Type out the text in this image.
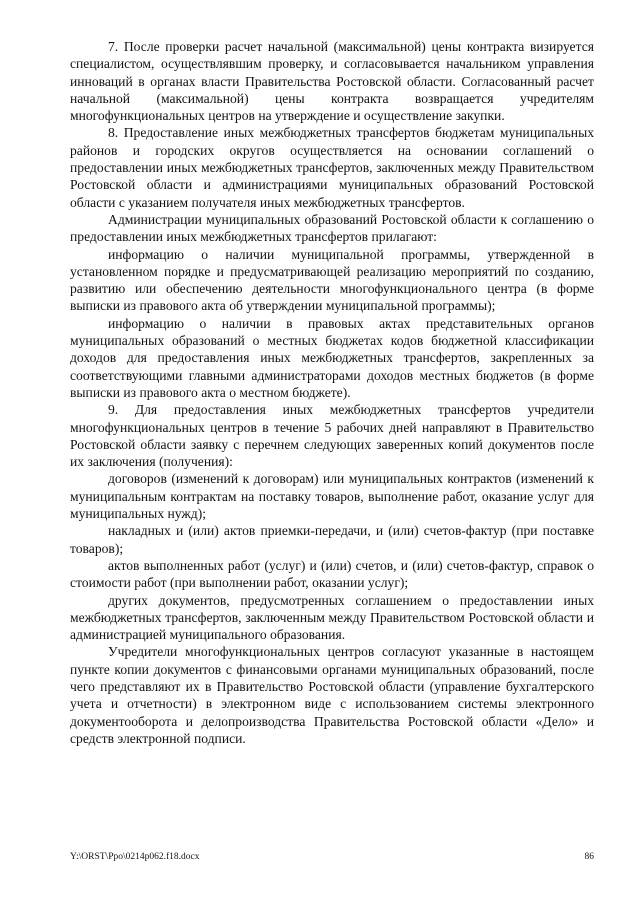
7. После проверки расчет начальной (максимальной) цены контракта визируется специалистом, осуществлявшим проверку, и согласовывается начальником управления инноваций в органах власти Правительства Ростовской области. Согласованный расчет начальной (максимальной) цены контракта возвращается учредителям многофункциональных центров на утверждение и осуществление закупки.

8. Предоставление иных межбюджетных трансфертов бюджетам муниципальных районов и городских округов осуществляется на основании соглашений о предоставлении иных межбюджетных трансфертов, заключенных между Правительством Ростовской области и администрациями муниципальных образований Ростовской области с указанием получателя иных межбюджетных трансфертов.

Администрации муниципальных образований Ростовской области к соглашению о предоставлении иных межбюджетных трансфертов прилагают:

информацию о наличии муниципальной программы, утвержденной в установленном порядке и предусматривающей реализацию мероприятий по созданию, развитию или обеспечению деятельности многофункционального центра (в форме выписки из правового акта об утверждении муниципальной программы);

информацию о наличии в правовых актах представительных органов муниципальных образований о местных бюджетах кодов бюджетной классификации доходов для предоставления иных межбюджетных трансфертов, закрепленных за соответствующими главными администраторами доходов местных бюджетов (в форме выписки из правового акта о местном бюджете).

9. Для предоставления иных межбюджетных трансфертов учредители многофункциональных центров в течение 5 рабочих дней направляют в Правительство Ростовской области заявку с перечнем следующих заверенных копий документов после их заключения (получения):

договоров (изменений к договорам) или муниципальных контрактов (изменений к муниципальным контрактам на поставку товаров, выполнение работ, оказание услуг для муниципальных нужд);

накладных и (или) актов приемки-передачи, и (или) счетов-фактур (при поставке товаров);

актов выполненных работ (услуг) и (или) счетов, и (или) счетов-фактур, справок о стоимости работ (при выполнении работ, оказании услуг);

других документов, предусмотренных соглашением о предоставлении иных межбюджетных трансфертов, заключенным между Правительством Ростовской области и администрацией муниципального образования.

Учредители многофункциональных центров согласуют указанные в настоящем пункте копии документов с финансовыми органами муниципальных образований, после чего представляют их в Правительство Ростовской области (управление бухгалтерского учета и отчетности) в электронном виде с использованием системы электронного документооборота и делопроизводства Правительства Ростовской области «Дело» и средств электронной подписи.

Y:\ORST\Ppo\0214p062.f18.docx	86
